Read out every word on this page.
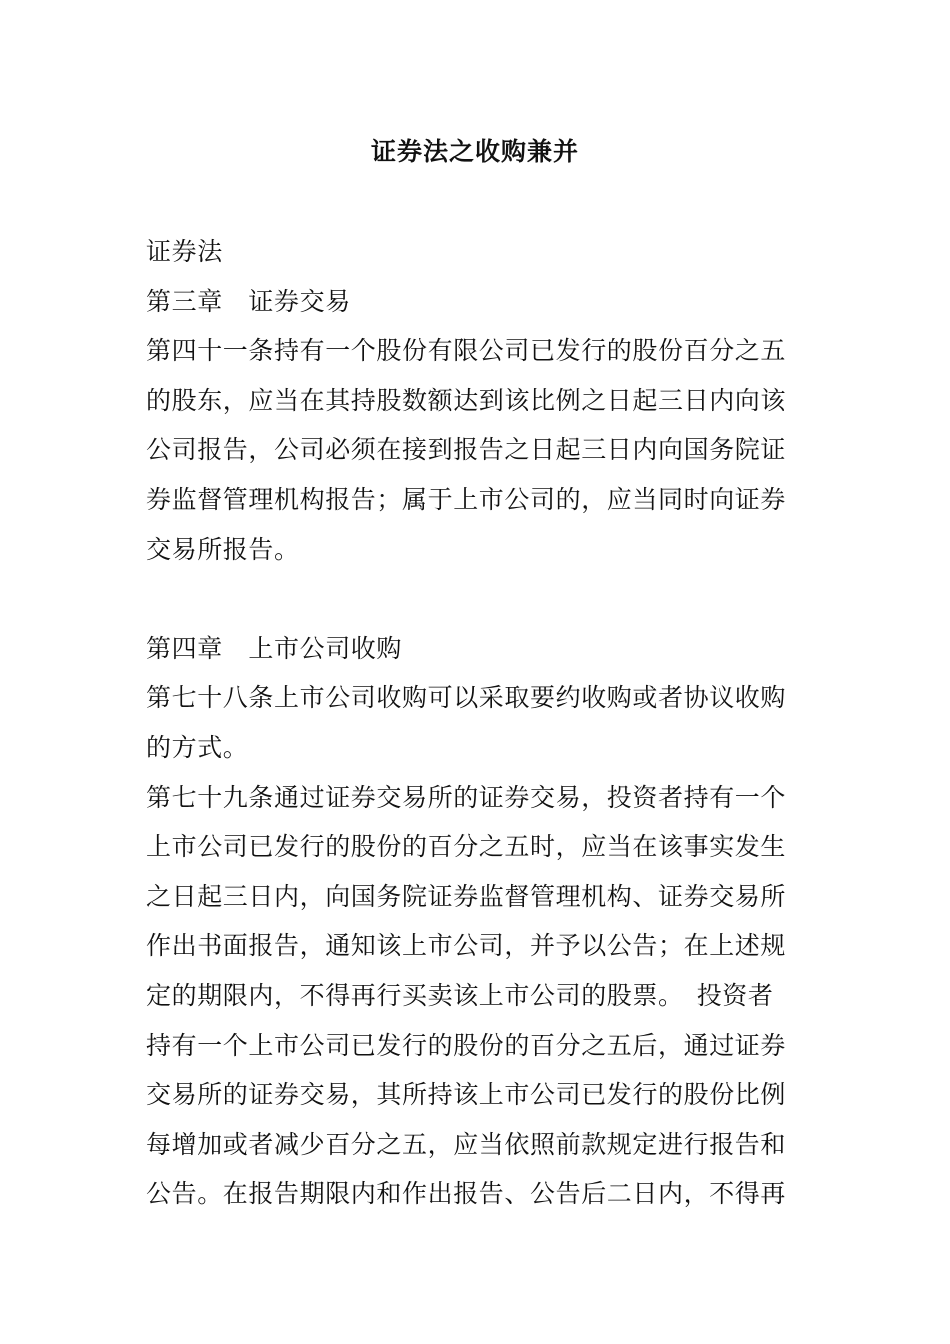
证券法之收购兼并
证券法
第三章　证券交易
第四十一条持有一个股份有限公司已发行的股份百分之五
的股东，应当在其持股数额达到该比例之日起三日内向该
公司报告，公司必须在接到报告之日起三日内向国务院证
券监督管理机构报告；属于上市公司的，应当同时向证券
交易所报告。
第四章　上市公司收购
第七十八条上市公司收购可以采取要约收购或者协议收购
的方式。
第七十九条通过证券交易所的证券交易，投资者持有一个
上市公司已发行的股份的百分之五时，应当在该事实发生
之日起三日内，向国务院证券监督管理机构、证券交易所
作出书面报告，通知该上市公司，并予以公告；在上述规
定的期限内，不得再行买卖该上市公司的股票。　投资者
持有一个上市公司已发行的股份的百分之五后，通过证券
交易所的证券交易，其所持该上市公司已发行的股份比例
每增加或者减少百分之五，应当依照前款规定进行报告和
公告。在报告期限内和作出报告、公告后二日内，不得再
